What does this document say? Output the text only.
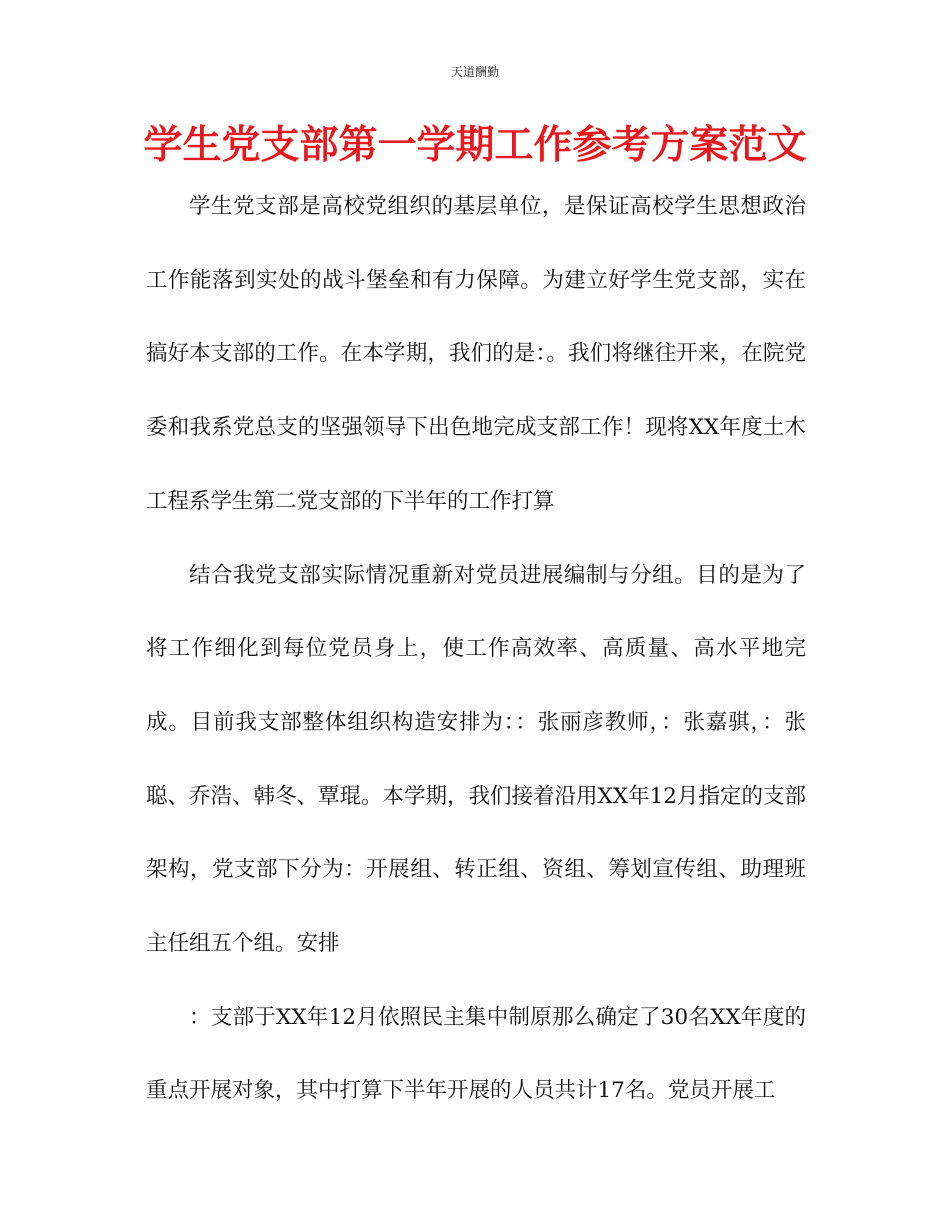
天道酬勤
学生党支部第一学期工作参考方案范文

学生党支部是高校党组织的基层单位，是保证高校学生思想政治工作能落到实处的战斗堡垒和有力保障。为建立好学生党支部，实在搞好本支部的工作。在本学期，我们的是：。我们将继往开来，在院党委和我系党总支的坚强领导下出色地完成支部工作！现将XX年度土木工程系学生第二党支部的下半年的工作打算

结合我党支部实际情况重新对党员进展编制与分组。目的是为了将工作细化到每位党员身上，使工作高效率、高质量、高水平地完成。目前我支部整体组织构造安排为：：张丽彦教师，：张嘉骐，：张聪、乔浩、韩冬、覃琨。本学期，我们接着沿用XX年12月指定的支部架构，党支部下分为：开展组、转正组、资组、筹划宣传组、助理班主任组五个组。安排

：支部于XX年12月依照民主集中制原那么确定了30名XX年度的重点开展对象，其中打算下半年开展的人员共计17名。党员开展工
